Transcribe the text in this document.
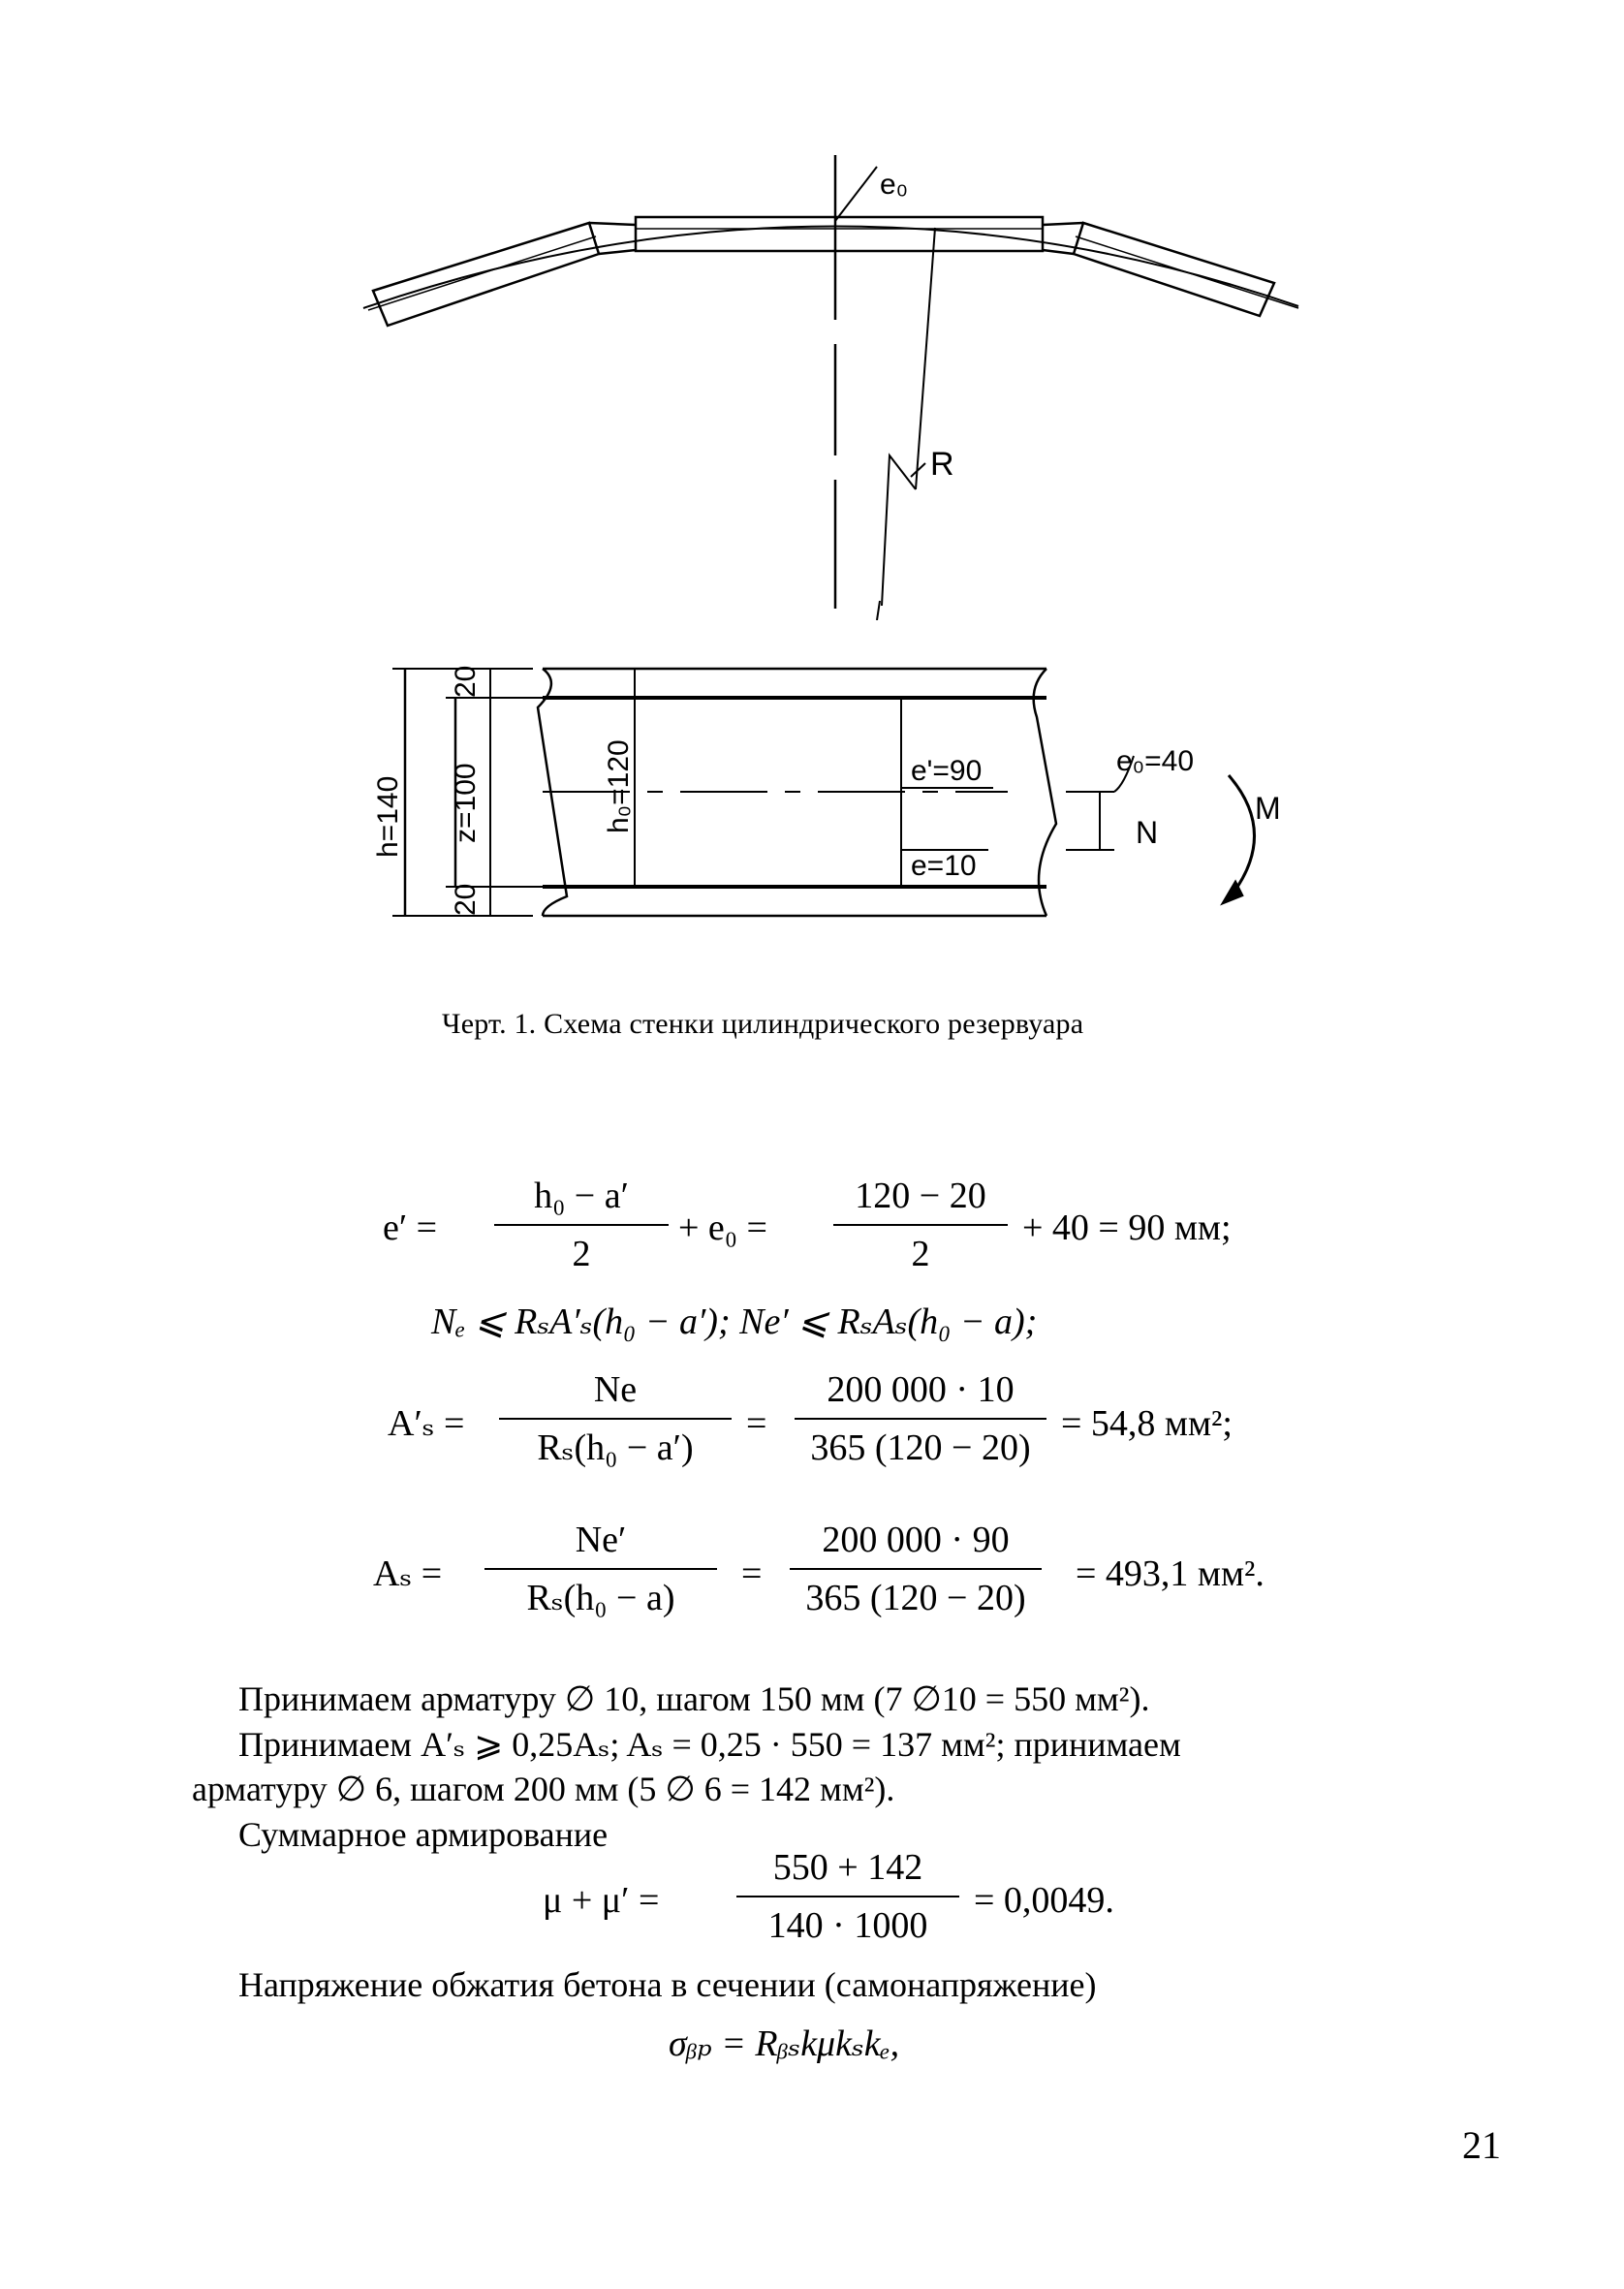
e₀
R
h=140 z=100
20
20
h₀=120	e'=90
e=10
e₀=40
N
M
Черт. 1. Схема стенки цилиндрического резервуара
$e' = \frac{\text{h₀ − a′}}{2} + e_0 = \frac{120 - 20}{2} + 40 = 90$ мм;
Nₑ ⩽ RₛA′ₛ(h₀ − a′); Ne′ ⩽ RₛAₛ(h₀ − a);
$A'_s = \frac{Ne}{\text{Rₛ(h₀ − a′)}} = \frac{200 000 \cdot 10}{365 (120 - 20)} = 54,8$ мм²;
$A_s = \frac{Ne'}{\text{Rₛ(h₀ − a)}} = \frac{200 000 \cdot 90}{365 (120 - 20)} = 493,1$ мм².
Принимаем арматуру ∅ 10, шагом 150 мм (7 ∅10 = 550 мм²).
Принимаем A′ₛ ⩾ 0,25Aₛ; Aₛ = 0,25 · 550 = 137 мм²; принимаем
арматуру ∅ 6, шагом 200 мм (5 ∅ 6 = 142 мм²).
Суммарное армирование
$\mu + \mu' = \frac{550 + 142}{140 \cdot 1000} = 0,0049$.
Напряжение обжатия бетона в сечении (самонапряжение)
σᵦₚ = Rᵦₛkμkₛkₑ,
21
